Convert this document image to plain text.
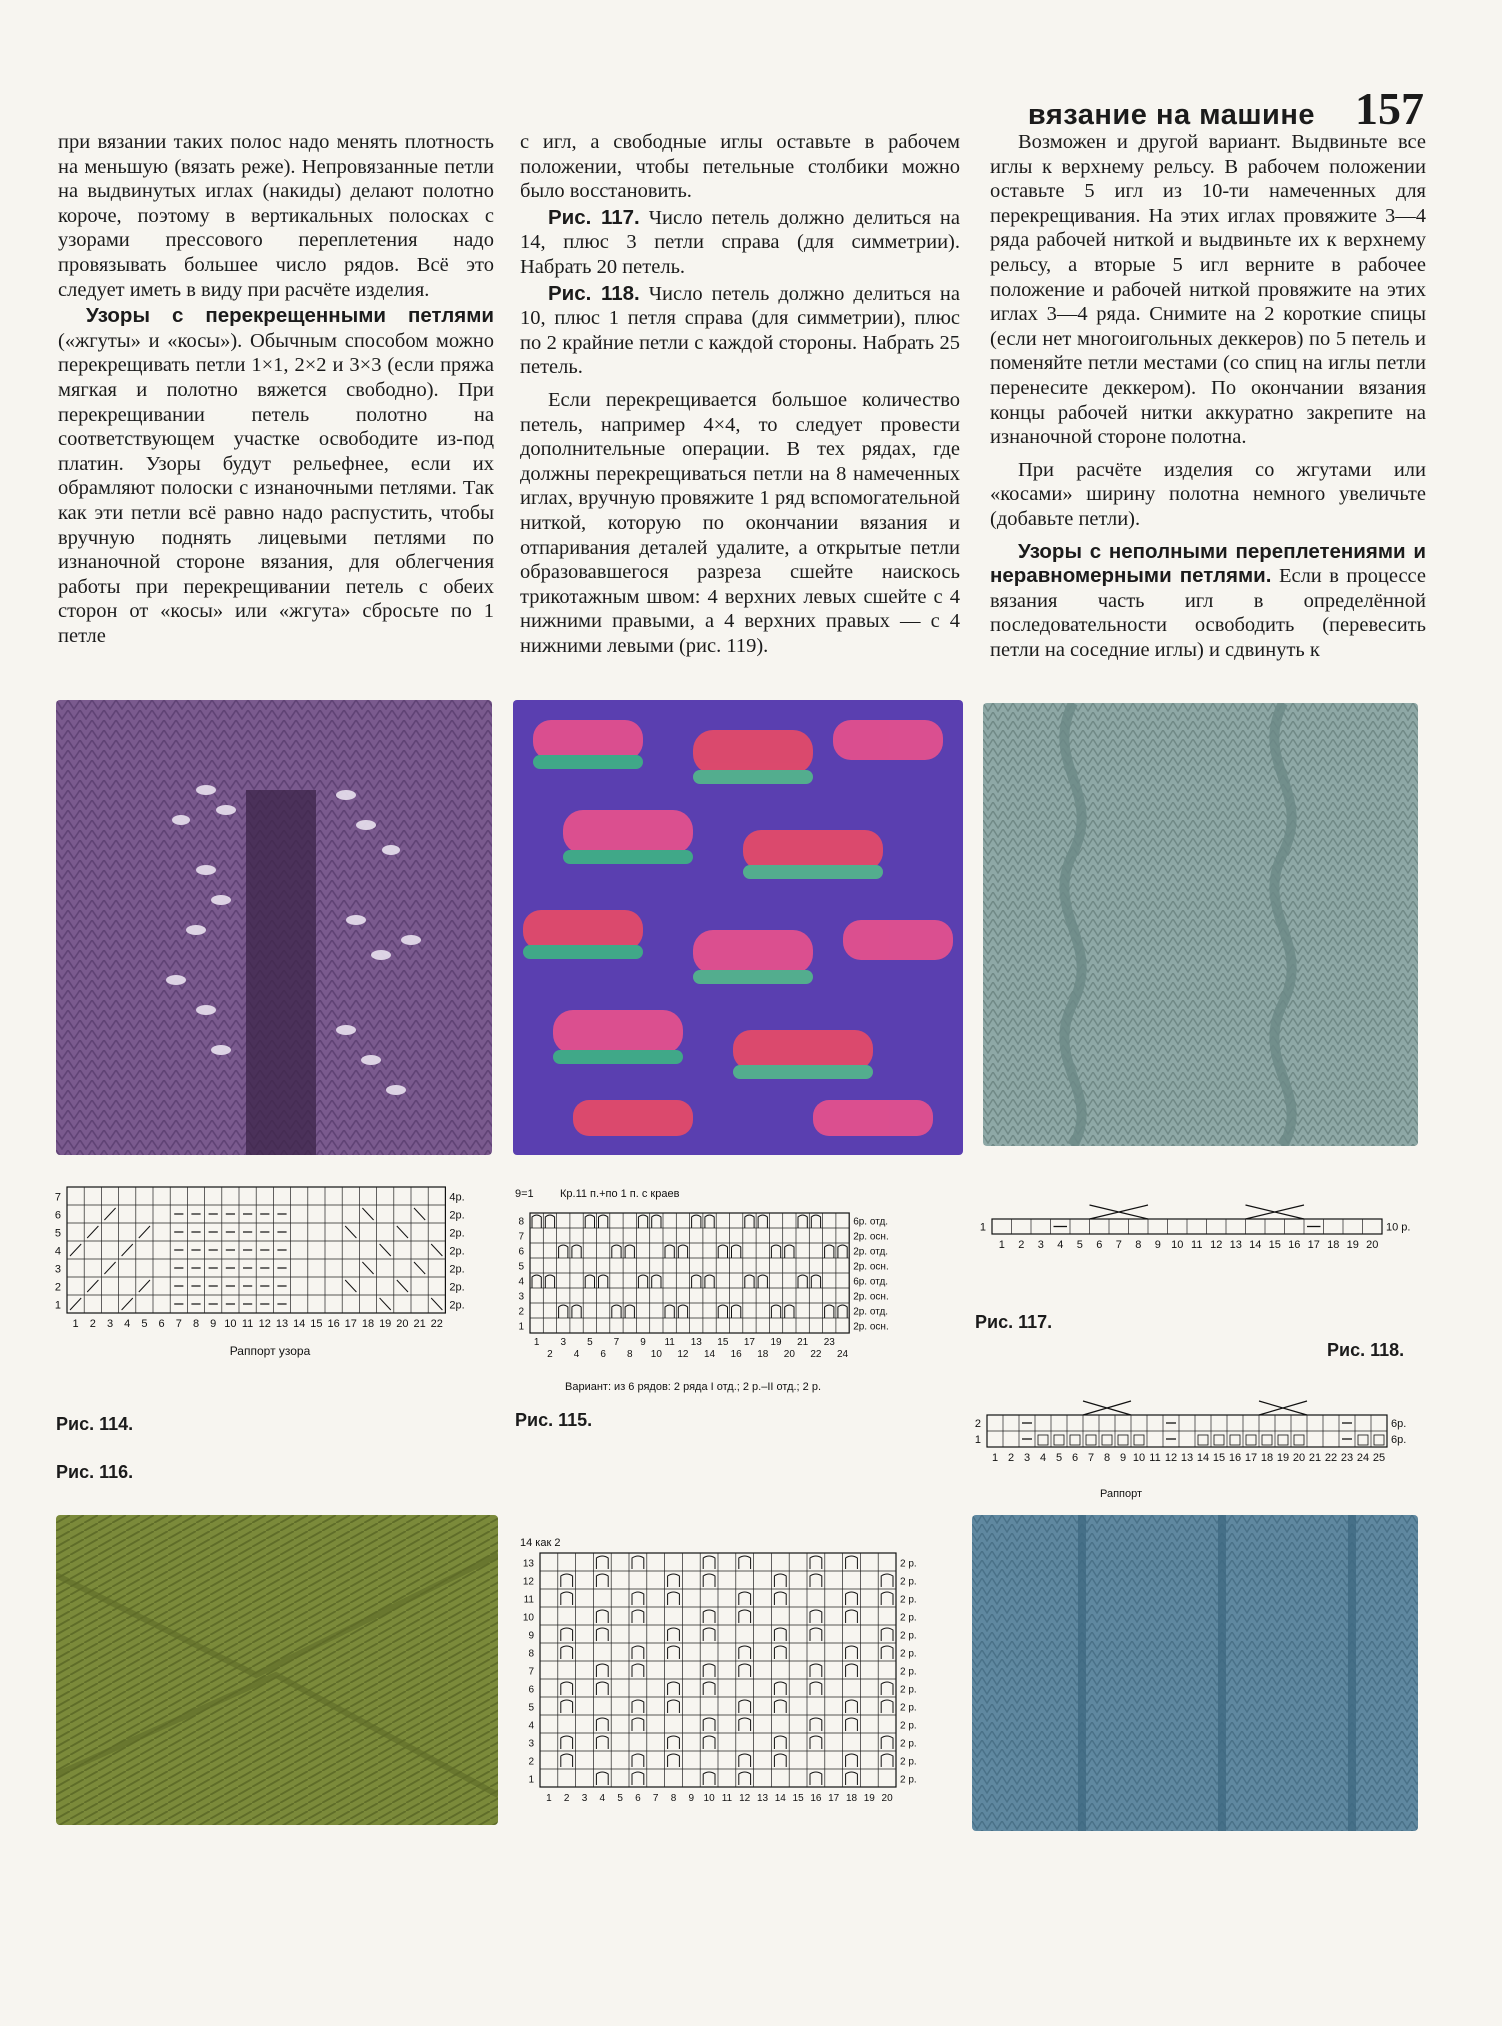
вязание на машине 157

при вязании таких полос надо менять плотность на меньшую (вязать реже). Непровязанные петли на выдвинутых иглах (накиды) делают полотно короче, поэтому в вертикальных полосках с узорами прессового переплетения надо провязывать большее число рядов. Всё это следует иметь в виду при расчёте изделия.

Узоры с перекрещенными петлями («жгуты» и «косы»). Обычным способом можно перекрещивать петли 1×1, 2×2 и 3×3 (если пряжа мягкая и полотно вяжется свободно). При перекрещивании петель полотно на соответствующем участке освободите из-под платин. Узоры будут рельефнее, если их обрамляют полоски с изнаночными петлями. Так как эти петли всё равно надо распустить, чтобы вручную поднять лицевыми петлями по изнаночной стороне вязания, для облегчения работы при перекрещивании петель с обеих сторон от «косы» или «жгута» сбросьте по 1 петле

с игл, а свободные иглы оставьте в рабочем положении, чтобы петельные столбики можно было восстановить.

Рис. 117. Число петель должно делиться на 14, плюс 3 петли справа (для симметрии). Набрать 20 петель.

Рис. 118. Число петель должно делиться на 10, плюс 1 петля справа (для симметрии), плюс по 2 крайние петли с каждой стороны. Набрать 25 петель.

Если перекрещивается большое количество петель, например 4×4, то следует провести дополнительные операции. В тех рядах, где должны перекрещиваться петли на 8 намеченных иглах, вручную провяжите 1 ряд вспомогательной ниткой, которую по окончании вязания и отпаривания деталей удалите, а открытые петли образовавшегося разреза сшейте наискось трикотажным швом: 4 верхних левых сшейте с 4 нижними правыми, а 4 верхних правых — с 4 нижними левыми (рис. 119).

Возможен и другой вариант. Выдвиньте все иглы к верхнему рельсу. В рабочем положении оставьте 5 игл из 10-ти намеченных для перекрещивания. На этих иглах провяжите 3—4 ряда рабочей ниткой и выдвиньте их к верхнему рельсу, а вторые 5 игл верните в рабочее положение и рабочей ниткой провяжите на этих иглах 3—4 ряда. Снимите на 2 короткие спицы (если нет многоигольных деккеров) по 5 петель и поменяйте петли местами (со спиц на иглы петли перенесите деккером). По окончании вязания концы рабочей нитки аккуратно закрепите на изнаночной стороне полотна.

При расчёте изделия со жгутами или «косами» ширину полотна немного увеличьте (добавьте петли).

Узоры с неполными переплетениями и неравномерными петлями. Если в процессе вязания часть игл в определённой последовательности освободить (перевесить петли на соседние иглы) и сдвинуть к

7
6
5
4
3
2
1
4р.
2р.
2р.
2р.
2р.
2р.
2р.
1 2 3 4 5 6 7 8 9 10 11 12 13 14 15 16 17 18 19 20 21 22
Раппорт узора
9=1 Кр.11 п.+по 1 п. с краев
8
7
6
5
4
3
2
1
6р. отд.
2р. осн.
2р. отд.
2р. осн.
6р. отд.
2р. осн.
2р. отд.
2р. осн.
1 3 5 7 9 11 13 15 17 19 21 23
2 4 6 8 10 12 14 16 18 20 22 24
Вариант: из 6 рядов: 2 ряда I отд.; 2 р.–II отд.; 2 р.
14 как 2
13
12
11
10
9
8
7
6
5
4
3
2
1
2 р.
2 р.
2 р.
2 р.
2 р.
2 р.
2 р.
2 р.
2 р.
2 р.
2 р.
2 р.
2 р.
1 2 3 4 5 6 7 8 9 10 11 12 13 14 15 16 17 18 19 20
1	10 р.
1 2 3 4 5 6 7 8 9 10 11 12 13 14 15 16 17 18 19 20
2
1
6р.
6р.
1 2 3 4 5 6 7 8 9 10 11 12 13 14 15 16 17 18 19 20 21 22 23 24 25
Раппорт
Рис. 114.	Рис. 115.
Рис. 116.
Рис. 117.
Рис. 118.
